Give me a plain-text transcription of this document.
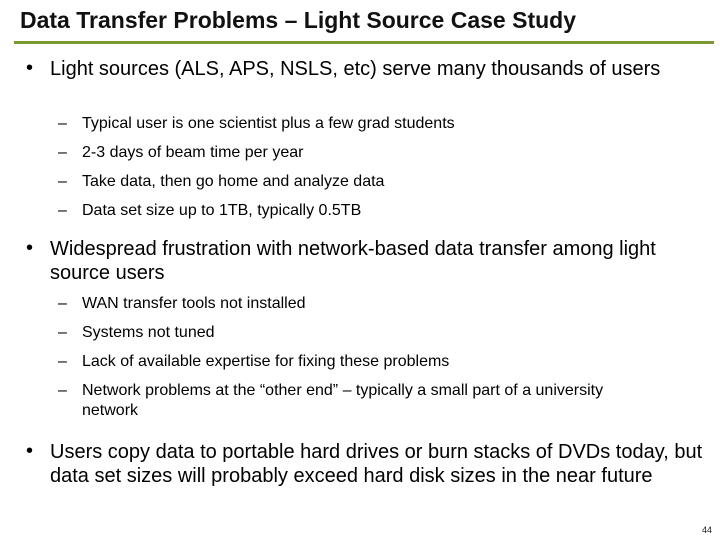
Data Transfer Problems – Light Source Case Study
• Light sources (ALS, APS, NSLS, etc) serve many thousands of users
– Typical user is one scientist plus a few grad students
– 2-3 days of beam time per year
– Take data, then go home and analyze data
– Data set size up to 1TB, typically 0.5TB
• Widespread frustration with network-based data transfer among light source users
– WAN transfer tools not installed
– Systems not tuned
– Lack of available expertise for fixing these problems
– Network problems at the “other end” – typically a small part of a university network
• Users copy data to portable hard drives or burn stacks of DVDs today, but data set sizes will probably exceed hard disk sizes in the near future
44
